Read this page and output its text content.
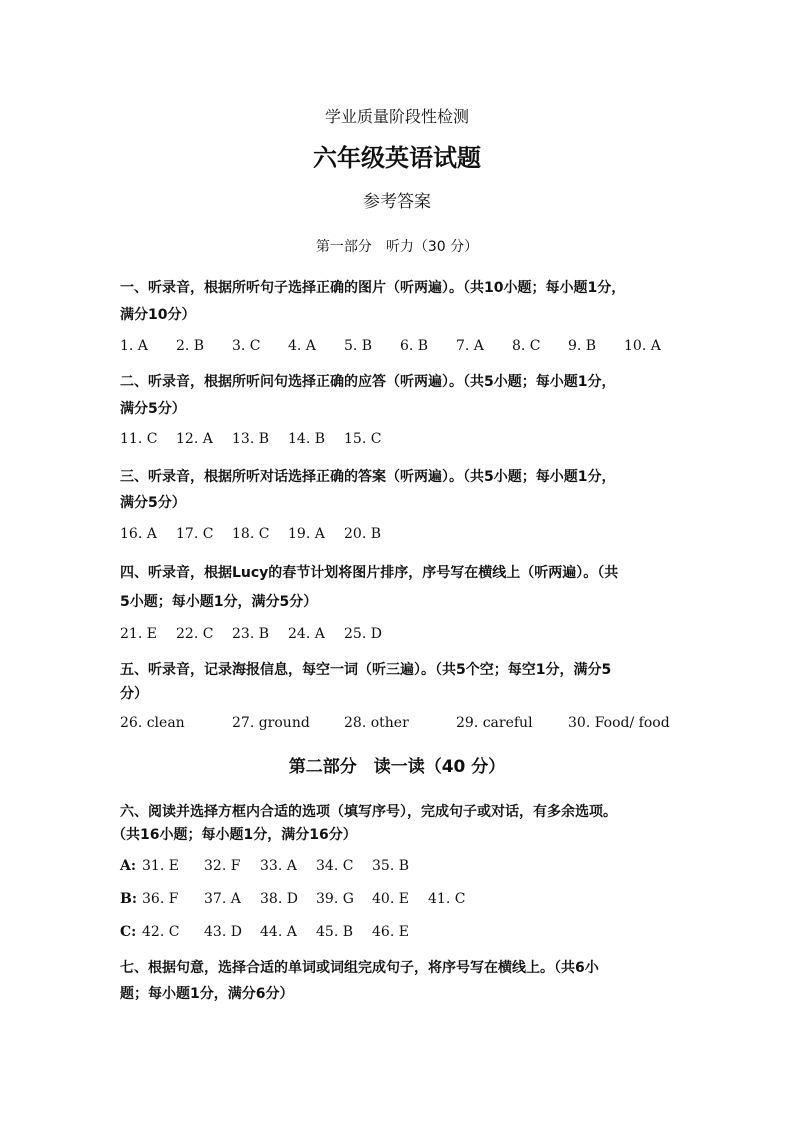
学业质量阶段性检测
六年级英语试题
参考答案
第一部分　听力（30 分）
一、听录音，根据所听句子选择正确的图片（听两遍）。（共10小题；每小题1分，
满分10分）
1. A 2. B 3. C 4. A 5. B 6. B 7. A 8. C 9. B 10. A
二、听录音，根据所听问句选择正确的应答（听两遍）。（共5小题；每小题1分，
满分5分）
11. C 12. A 13. B 14. B 15. C
三、听录音，根据所听对话选择正确的答案（听两遍）。（共5小题；每小题1分，
满分5分）
16. A 17. C 18. C 19. A 20. B
四、听录音，根据Lucy的春节计划将图片排序，序号写在横线上（听两遍）。（共
5小题；每小题1分，满分5分）
21. E 22. C 23. B 24. A 25. D
五、听录音，记录海报信息，每空一词（听三遍）。（共5个空；每空1分，满分5
分）
26. clean	27. ground 28. other	29. careful	30. Food/ food
第二部分　读一读（40 分）
六、阅读并选择方框内合适的选项（填写序号），完成句子或对话，有多余选项。
（共16小题；每小题1分，满分16分）
A: 31. E 32. F 33. A 34. C 35. B
B: 36. F 37. A 38. D 39. G 40. E 41. C
C: 42. C 43. D 44. A 45. B 46. E
七、根据句意，选择合适的单词或词组完成句子，将序号写在横线上。（共6小
题；每小题1分，满分6分）
